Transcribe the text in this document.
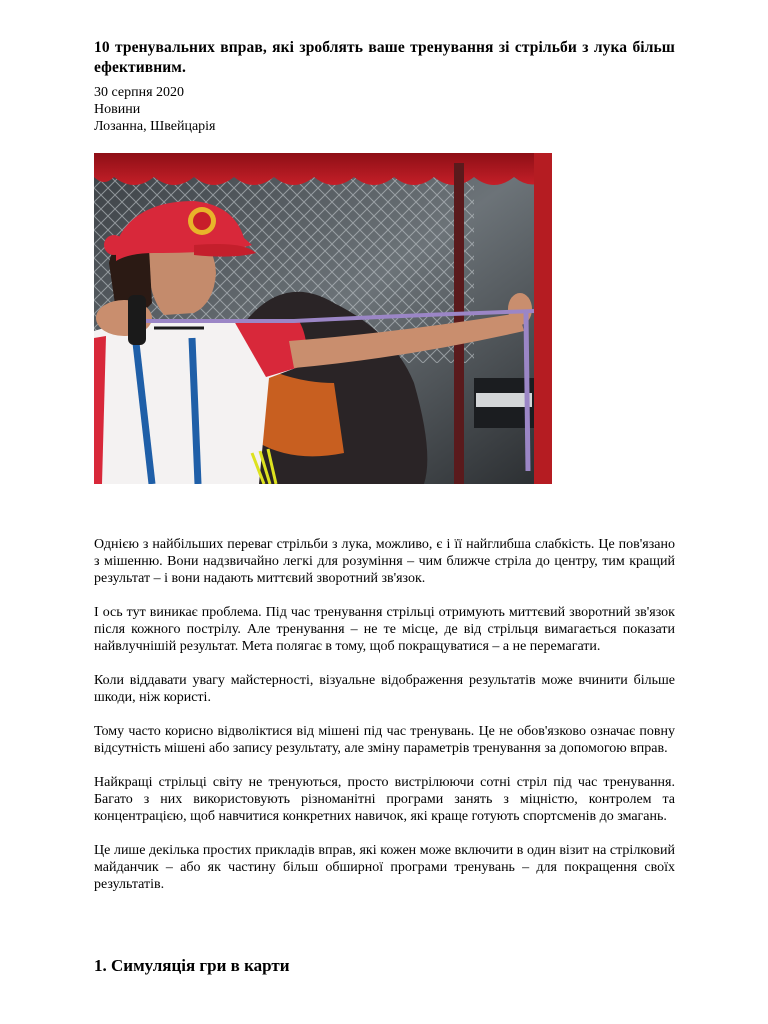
10 тренувальних вправ, які зроблять ваше тренування зі стрільби з лука більш ефективним.
30 серпня 2020
Новини
Лозанна, Швейцарія

Однією з найбільших переваг стрільби з лука, можливо, є і її найглибша слабкість. Це пов'язано з мішенню. Вони надзвичайно легкі для розуміння – чим ближче стріла до центру, тим кращий результат – і вони надають миттєвий зворотний зв'язок.

І ось тут виникає проблема. Під час тренування стрільці отримують миттєвий зворотний зв'язок після кожного пострілу. Але тренування – не те місце, де від стрільця вимагається показати найвлучнішій результат. Мета полягає в тому, щоб покращуватися – а не перемагати.

Коли віддавати увагу майстерності, візуальне відображення результатів може вчинити більше шкоди, ніж користі.

Тому часто корисно відволіктися від мішені під час тренувань. Це не обов'язково означає повну відсутність мішені або запису результату, але зміну параметрів тренування за допомогою вправ.

Найкращі стрільці світу не тренуються, просто вистрілюючи сотні стріл під час тренування. Багато з них використовують різноманітні програми занять з міцністю, контролем та концентрацією, щоб навчитися конкретних навичок, які краще готують спортсменів до змагань.

Це лише декілька простих прикладів вправ, які кожен може включити в один візит на стрілковий майданчик – або як частину більш обширної програми тренувань – для покращення своїх результатів.

1. Симуляція гри в карти
